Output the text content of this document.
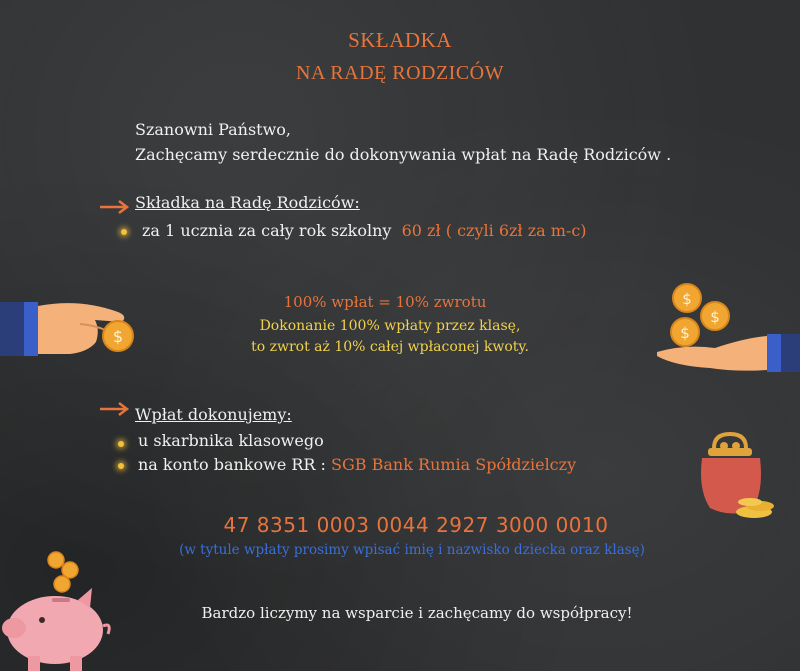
SKŁADKA
NA RADĘ RODZICÓW
Szanowni Państwo,
Zachęcamy serdecznie do dokonywania wpłat na Radę Rodziców .
Składka na Radę Rodziców:
za 1 ucznia za cały rok szkolny 60 zł ( czyli 6zł za m-c)
$
100% wpłat = 10% zwrotu
Dokonanie 100% wpłaty przez klasę,
to zwrot aż 10% całej wpłaconej kwoty.
$
$
$
Wpłat dokonujemy:
u skarbnika klasowego
na konto bankowe RR : SGB Bank Rumia Spółdzielczy
47 8351 0003 0044 2927 3000 0010
(w tytule wpłaty prosimy wpisać imię i nazwisko dziecka oraz klasę)
Bardzo liczymy na wsparcie i zachęcamy do współpracy!
